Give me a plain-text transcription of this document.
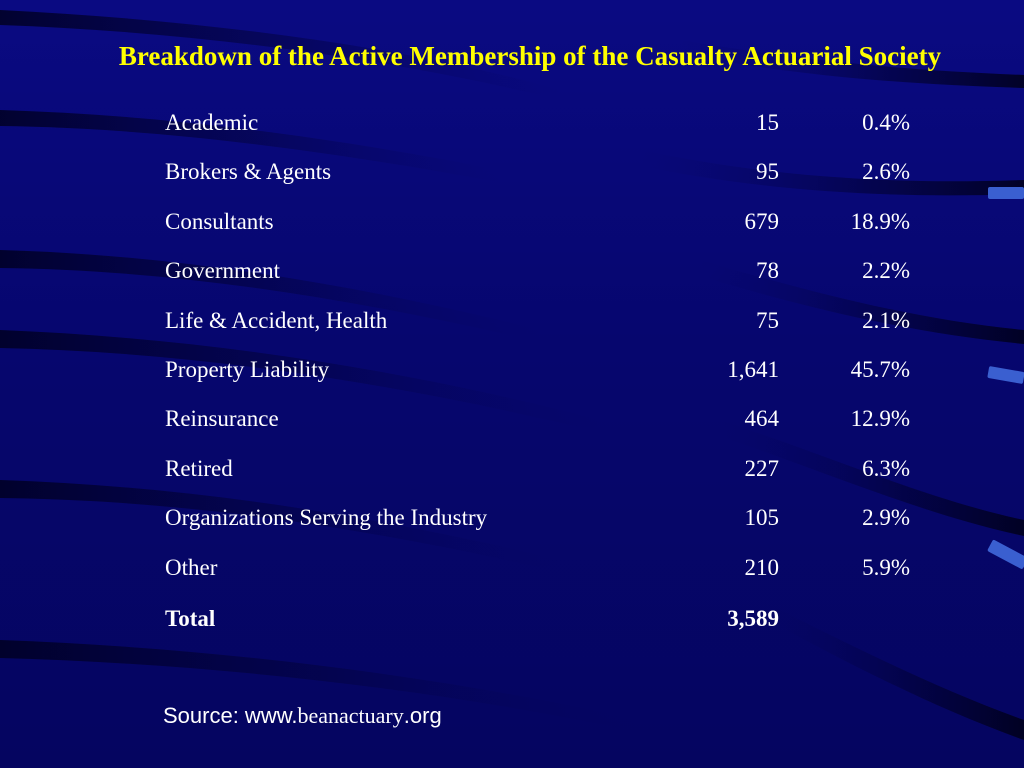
Breakdown of the Active Membership of the Casualty Actuarial Society
Academic	15	0.4%
Brokers & Agents	95	2.6%
Consultants	679	18.9%
Government	78	2.2%
Life & Accident, Health	75	2.1%
Property Liability	1,641	45.7%
Reinsurance	464	12.9%
Retired	227	6.3%
Organizations Serving the Industry	105	2.9%
Other	210	5.9%
Total	3,589
Source: www.beanactuary.org
